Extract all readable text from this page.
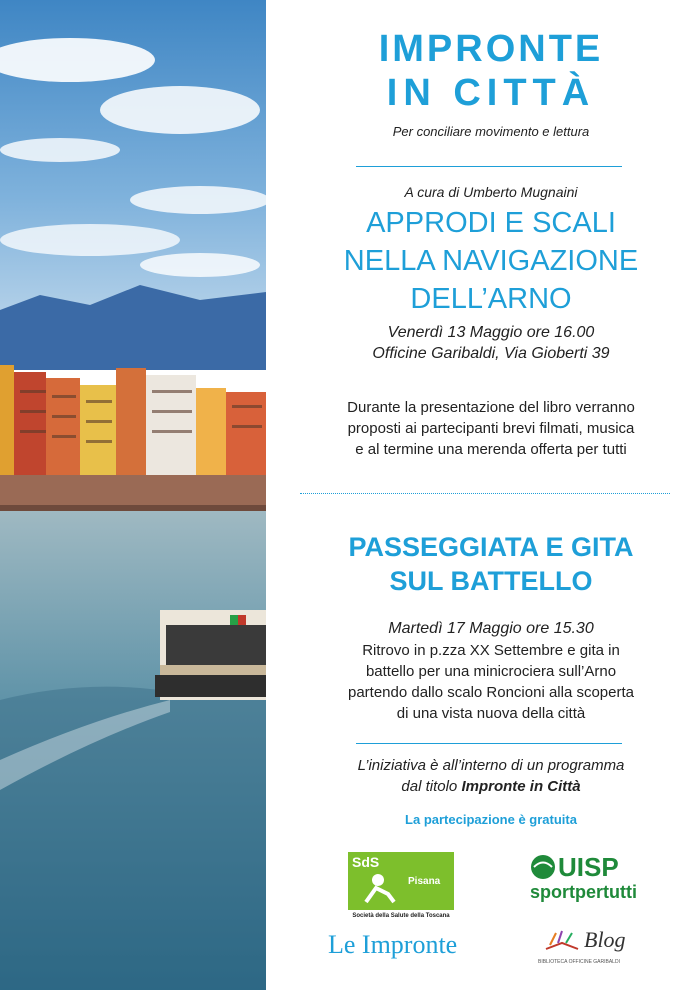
IMPRONTE
IN CITTÀ
Per conciliare movimento e lettura
A cura di Umberto Mugnaini
APPRODI E SCALI
NELLA NAVIGAZIONE
DELL’ARNO
Venerdì 13 Maggio ore 16.00
Officine Garibaldi, Via Gioberti 39
Durante la presentazione del libro verranno
proposti ai partecipanti brevi filmati, musica
e al termine una merenda offerta per tutti
PASSEGGIATA E GITA
SUL BATTELLO
Martedì 17 Maggio ore 15.30
Ritrovo in p.zza XX Settembre e gita in
battello per una minicrociera sull’Arno
partendo dallo scalo Roncioni alla scoperta
di una vista nuova della città
L’iniziativa è all’interno di un programma
dal titolo Impronte in Città
La partecipazione è gratuita
SdS
Pisana
Società della Salute della Toscana
UISP
sportpertutti
Le Impronte	Blog
BIBLIOTECA OFFICINE GARIBALDI
